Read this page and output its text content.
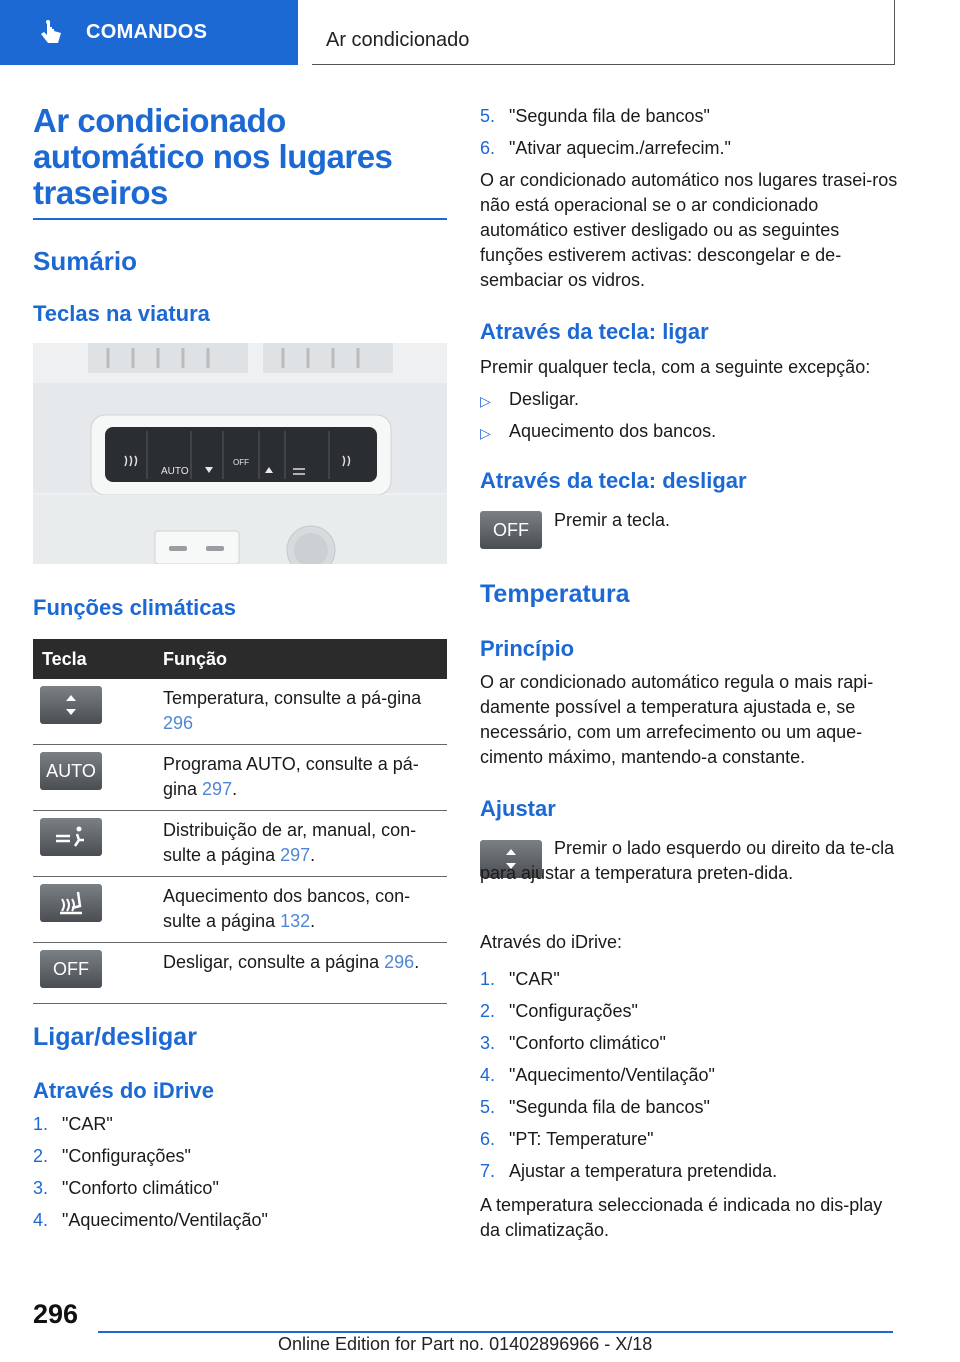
COMANDOS	Ar condicionado
Ar condicionado automático nos lugares traseiros
Sumário
Teclas na viatura
AUTO
OFF
Funções climáticas
Tecla	Função

	Temperatura, consulte a pá-gina 296

AUTO	Programa AUTO, consulte a pá-gina 297.

	Distribuição de ar, manual, con-sulte a página 297.

	Aquecimento dos bancos, con-sulte a página 132.

OFF	Desligar, consulte a página 296.
Ligar/desligar
Através do iDrive
1. "CAR"
2. "Configurações"
3. "Conforto climático"
4. "Aquecimento/Ventilação"
5. "Segunda fila de bancos"
6. "Ativar aquecim./arrefecim."
O ar condicionado automático nos lugares trasei-ros não está operacional se o ar condicionado automático estiver desligado ou as seguintes funções estiverem activas: descongelar e de-sembaciar os vidros.
Através da tecla: ligar
Premir qualquer tecla, com a seguinte excepção:
▷	Desligar.
▷	Aquecimento dos bancos.
Através da tecla: desligar
OFF	Premir a tecla.
Temperatura
Princípio
O ar condicionado automático regula o mais rapi-damente possível a temperatura ajustada e, se necessário, com um arrefecimento ou um aque-cimento máximo, mantendo-a constante.
Ajustar
Premir o lado esquerdo ou direito da te-cla para ajustar a temperatura preten-dida.
Através do iDrive:
1. "CAR"
2. "Configurações"
3. "Conforto climático"
4. "Aquecimento/Ventilação"
5. "Segunda fila de bancos"
6. "PT: Temperature"
7. Ajustar a temperatura pretendida.
A temperatura seleccionada é indicada no dis-play da climatização.
296
Online Edition for Part no. 01402896966 - X/18
